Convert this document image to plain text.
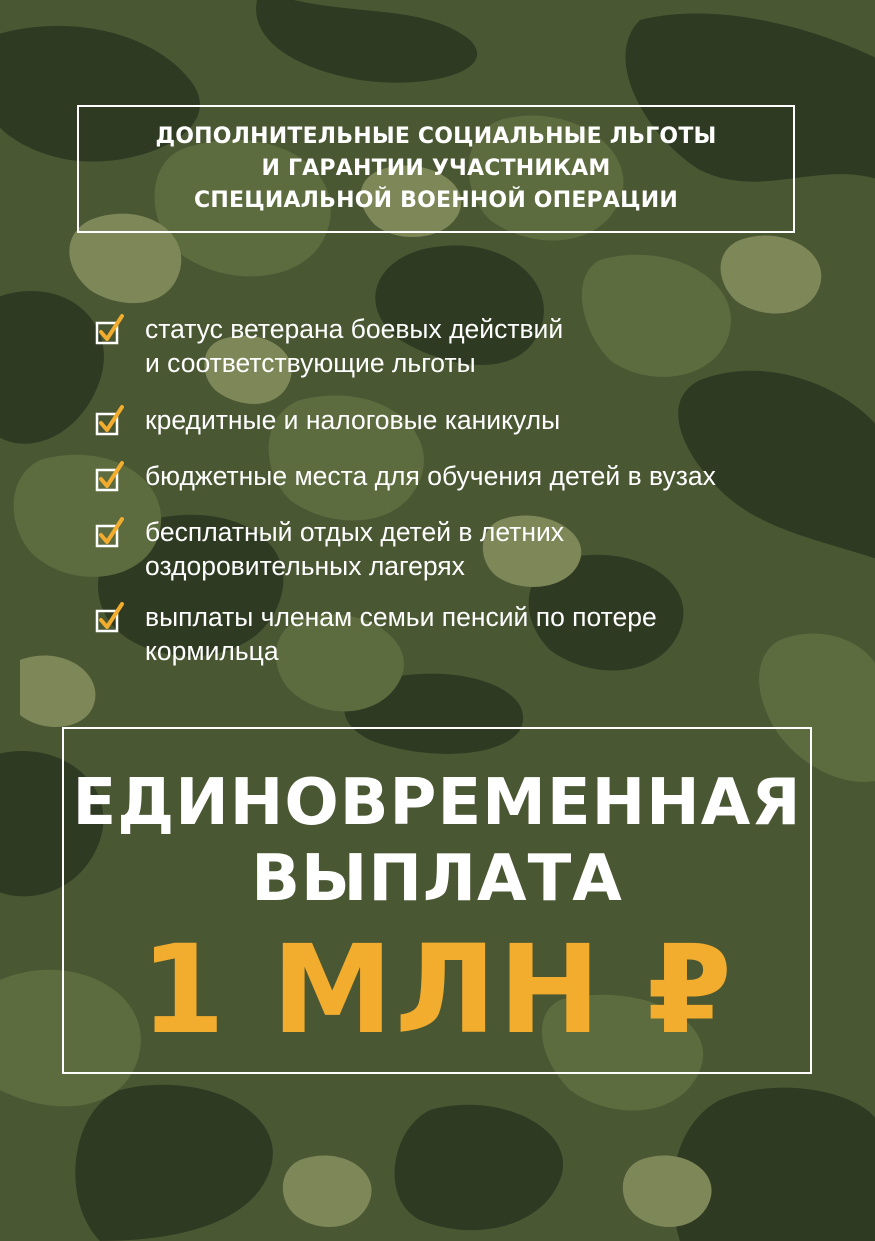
ДОПОЛНИТЕЛЬНЫЕ СОЦИАЛЬНЫЕ ЛЬГОТЫ
И ГАРАНТИИ УЧАСТНИКАМ
СПЕЦИАЛЬНОЙ ВОЕННОЙ ОПЕРАЦИИ
статус ветерана боевых действий
и соответствующие льготы
кредитные и налоговые каникулы
бюджетные места для обучения детей в вузах
бесплатный отдых детей в летних
оздоровительных лагерях
выплаты членам семьи пенсий по потере
кормильца
ЕДИНОВРЕМЕННАЯ
ВЫПЛАТА
1 МЛН ₽
